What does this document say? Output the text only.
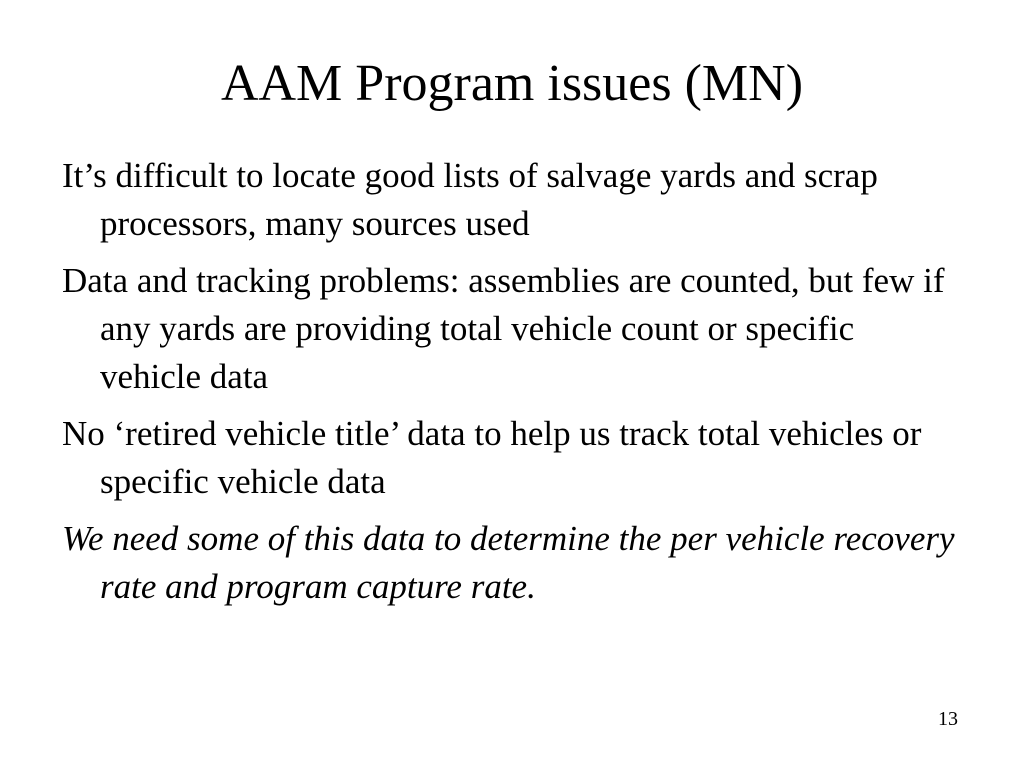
AAM Program issues (MN)
It’s difficult to locate good lists of salvage yards and scrap processors, many sources used
Data and tracking problems: assemblies are counted, but few if any yards are providing total vehicle count or specific vehicle data
No ‘retired vehicle title’ data to help us track total vehicles or specific vehicle data
We need some of this data to determine the per vehicle recovery rate and program capture rate.
13
